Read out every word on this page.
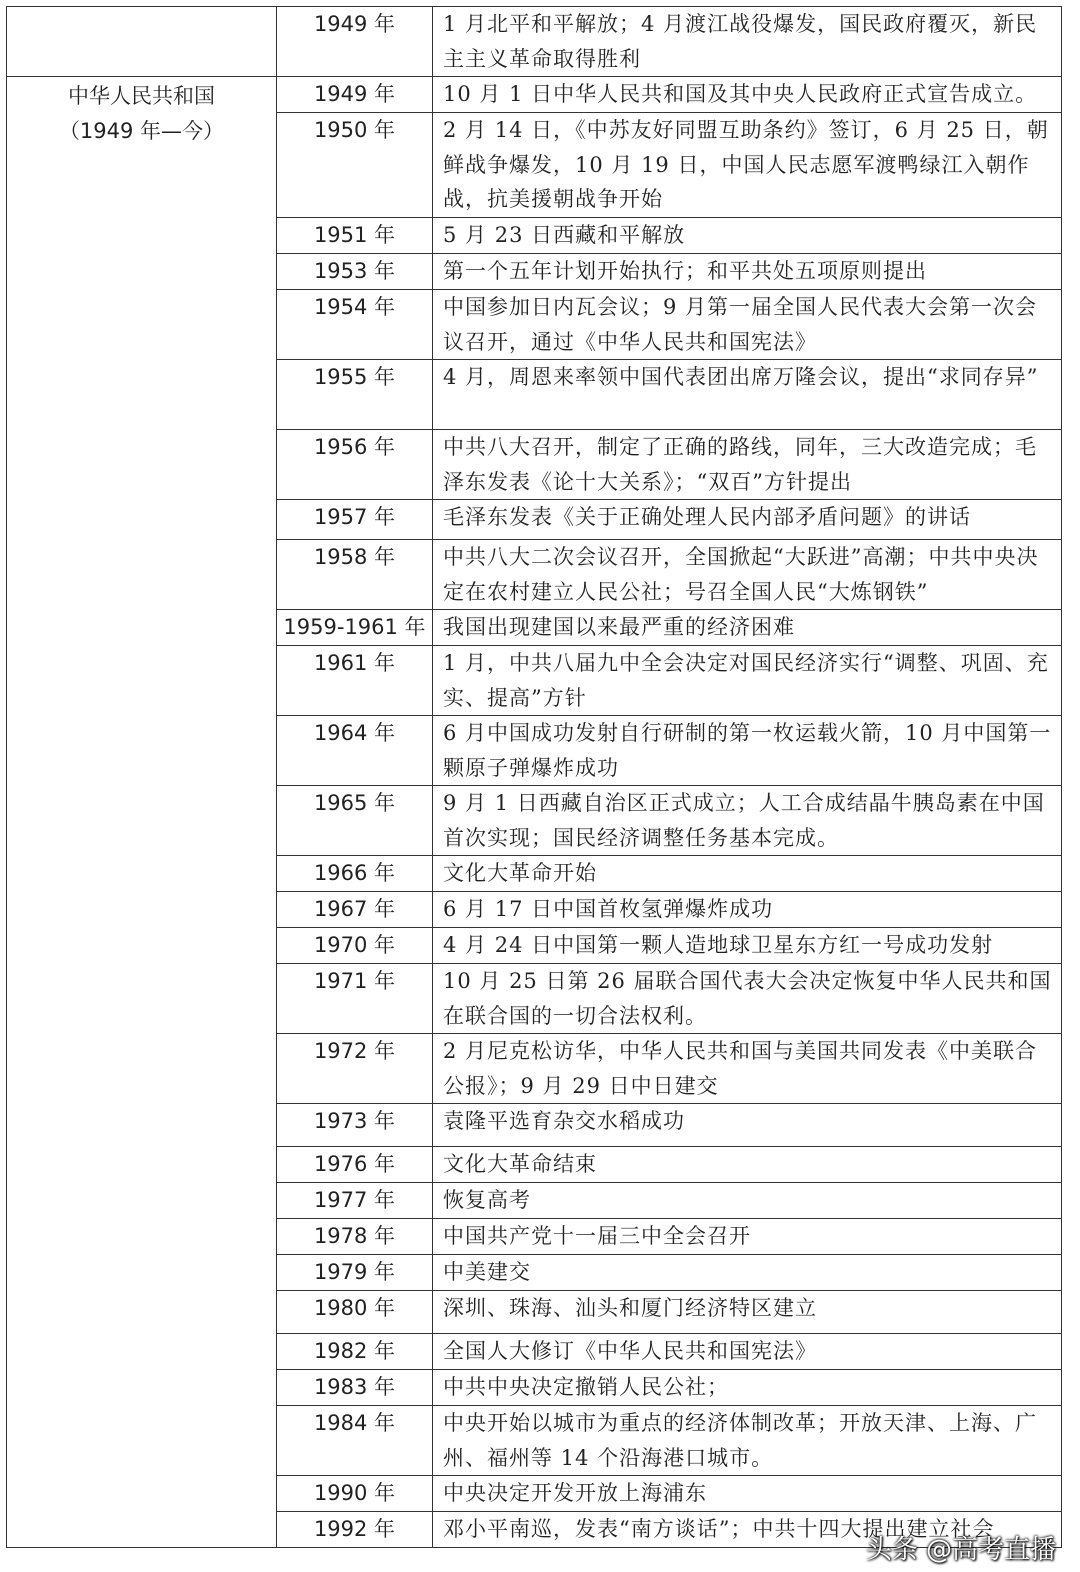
	1949 年	1 月北平和平解放；4 月渡江战役爆发，国民政府覆灭，新民主主义革命取得胜利

中华人民共和国
（1949 年—今）	1949 年	10 月 1 日中华人民共和国及其中央人民政府正式宣告成立。
	1950 年	2 月 14 日，《中苏友好同盟互助条约》签订，6 月 25 日，朝鲜战争爆发，10 月 19 日，中国人民志愿军渡鸭绿江入朝作战，抗美援朝战争开始
	1951 年	5 月 23 日西藏和平解放
	1953 年	第一个五年计划开始执行；和平共处五项原则提出
	1954 年	中国参加日内瓦会议；9 月第一届全国人民代表大会第一次会议召开，通过《中华人民共和国宪法》
	1955 年	4 月，周恩来率领中国代表团出席万隆会议，提出“求同存异”
	1956 年	中共八大召开，制定了正确的路线，同年，三大改造完成；毛泽东发表《论十大关系》；“双百”方针提出
	1957 年	毛泽东发表《关于正确处理人民内部矛盾问题》的讲话
	1958 年	中共八大二次会议召开，全国掀起“大跃进”高潮；中共中央决定在农村建立人民公社；号召全国人民“大炼钢铁”
	1959-1961 年	我国出现建国以来最严重的经济困难
	1961 年	1 月，中共八届九中全会决定对国民经济实行“调整、巩固、充实、提高”方针
	1964 年	6 月中国成功发射自行研制的第一枚运载火箭，10 月中国第一颗原子弹爆炸成功
	1965 年	9 月 1 日西藏自治区正式成立；人工合成结晶牛胰岛素在中国首次实现；国民经济调整任务基本完成。
	1966 年	文化大革命开始
	1967 年	6 月 17 日中国首枚氢弹爆炸成功
	1970 年	4 月 24 日中国第一颗人造地球卫星东方红一号成功发射
	1971 年	10 月 25 日第 26 届联合国代表大会决定恢复中华人民共和国在联合国的一切合法权利。
	1972 年	2 月尼克松访华，中华人民共和国与美国共同发表《中美联合公报》；9 月 29 日中日建交
	1973 年	袁隆平选育杂交水稻成功
	1976 年	文化大革命结束
	1977 年	恢复高考
	1978 年	中国共产党十一届三中全会召开
	1979 年	中美建交
	1980 年	深圳、珠海、汕头和厦门经济特区建立
	1982 年	全国人大修订《中华人民共和国宪法》
	1983 年	中共中央决定撤销人民公社；
	1984 年	中央开始以城市为重点的经济体制改革；开放天津、上海、广州、福州等 14 个沿海港口城市。
	1990 年	中央决定开发开放上海浦东
	1992 年	邓小平南巡，发表“南方谈话”；中共十四大提出建立社会
头条 @高考直播
